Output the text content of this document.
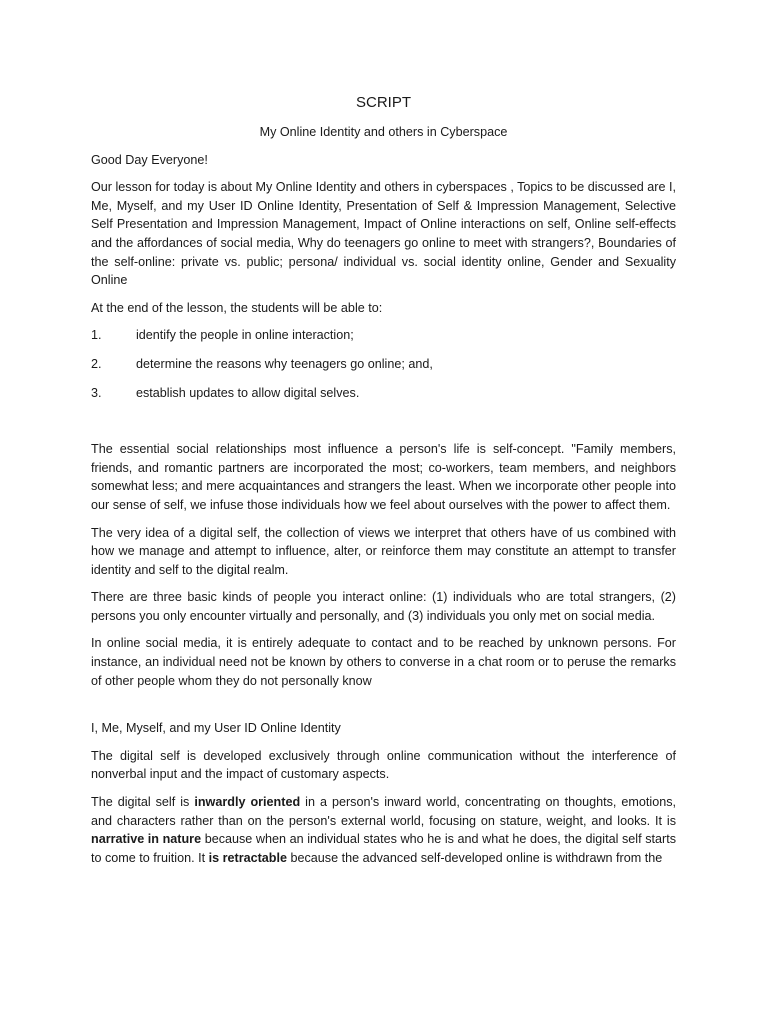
SCRIPT
My Online Identity and others in Cyberspace

Good Day Everyone!

Our lesson for today is about My Online Identity and others in cyberspaces , Topics to be discussed are I, Me, Myself, and my User ID Online Identity, Presentation of Self & Impression Management, Selective Self Presentation and Impression Management, Impact of Online interactions on self, Online self-effects and the affordances of social media, Why do teenagers go online to meet with strangers?, Boundaries of the self-online: private vs. public; persona/ individual vs. social identity online, Gender and Sexuality Online

At the end of the lesson, the students will be able to:

1.	identify the people in online interaction;
2.	determine the reasons why teenagers go online; and,
3.	establish updates to allow digital selves.

The essential social relationships most influence a person's life is self-concept. "Family members, friends, and romantic partners are incorporated the most; co-workers, team members, and neighbors somewhat less; and mere acquaintances and strangers the least. When we incorporate other people into our sense of self, we infuse those individuals how we feel about ourselves with the power to affect them.

The very idea of a digital self, the collection of views we interpret that others have of us combined with how we manage and attempt to influence, alter, or reinforce them may constitute an attempt to transfer identity and self to the digital realm.

There are three basic kinds of people you interact online: (1) individuals who are total strangers, (2) persons you only encounter virtually and personally, and (3) individuals you only met on social media.

In online social media, it is entirely adequate to contact and to be reached by unknown persons. For instance, an individual need not be known by others to converse in a chat room or to peruse the remarks of other people whom they do not personally know

I, Me, Myself, and my User ID Online Identity

The digital self is developed exclusively through online communication without the interference of nonverbal input and the impact of customary aspects.

The digital self is inwardly oriented in a person's inward world, concentrating on thoughts, emotions, and characters rather than on the person's external world, focusing on stature, weight, and looks. It is narrative in nature because when an individual states who he is and what he does, the digital self starts to come to fruition. It is retractable because the advanced self-developed online is withdrawn from the
